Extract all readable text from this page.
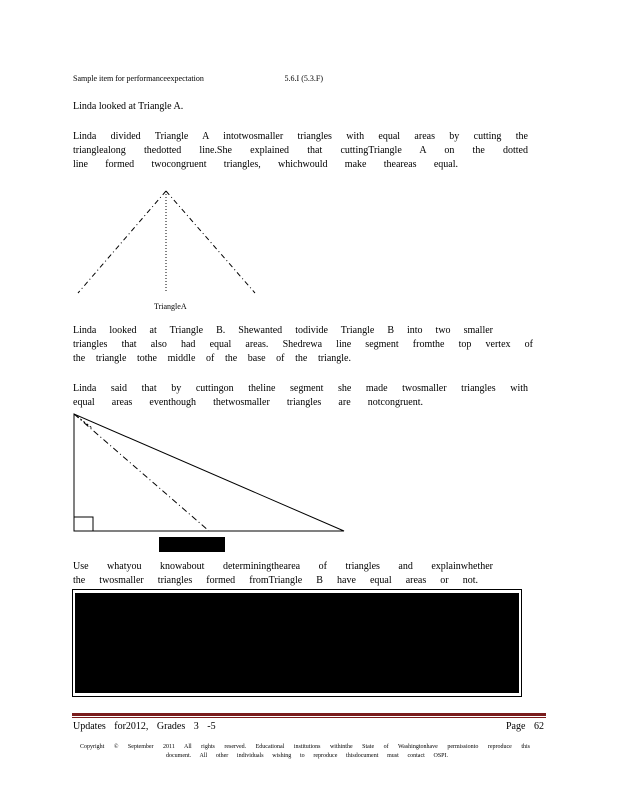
Sample item for performanceexpectation	5.6.I (5.3.F)
Linda looked at Triangle A.
Linda divided Triangle A intotwosmaller triangles with equal areas by cutting the
trianglealong thedotted line.She explained that cuttingTriangle A on the dotted
line formed twocongruent triangles, whichwould make theareas equal.
TriangleA
Linda looked at Triangle B. Shewanted todivide Triangle B into two smaller
triangles that also had equal areas. Shedrewa line segment fromthe top vertex of
the triangle tothe middle of the base of the triangle.
Linda said that by cuttingon theline segment she made twosmaller triangles with
equal areas eventhough thetwosmaller triangles are notcongruent.
Use whatyou knowabout determiningthearea of triangles and explainwhether
the twosmaller triangles formed fromTriangle B have equal areas or not.
Updates for2012, Grades 3 -5	Page 62
Copyright © September 2011 All rights reserved. Educational institutions withinthe State of Washingtonhave permissionto reproduce this
document. All other individuals wishing to reproduce thisdocument must contact OSPI.
